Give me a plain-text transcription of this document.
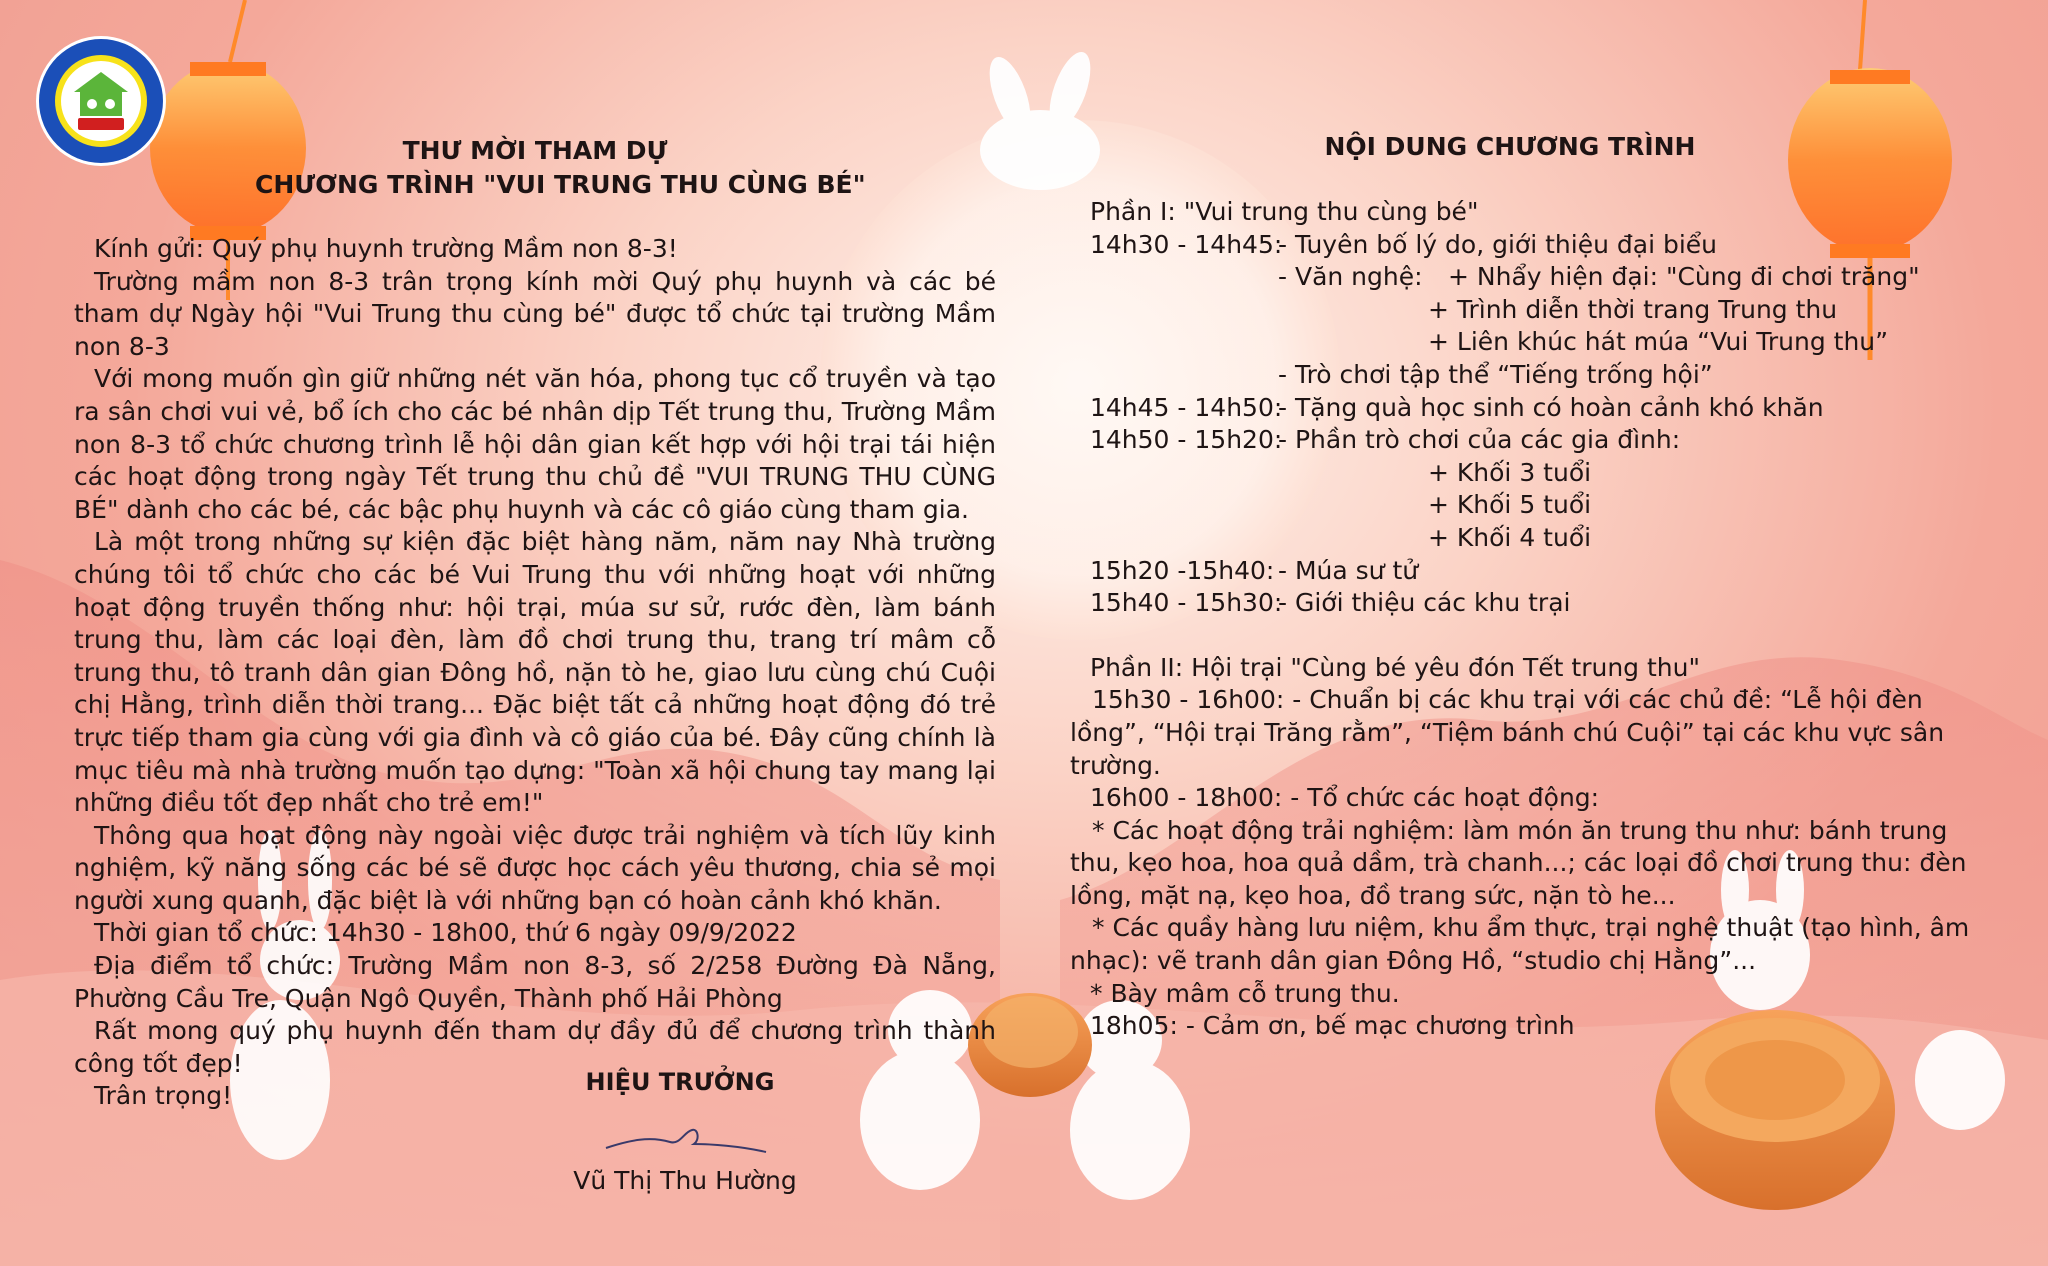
THƯ MỜI THAM DỰ
CHƯƠNG TRÌNH "VUI TRUNG THU CÙNG BÉ"

Kính gửi: Quý phụ huynh trường Mầm non 8-3!

Trường mầm non 8-3 trân trọng kính mời Quý phụ huynh và các bé tham dự Ngày hội "Vui Trung thu cùng bé" được tổ chức tại trường Mầm non 8-3

Với mong muốn gìn giữ những nét văn hóa, phong tục cổ truyền và tạo ra sân chơi vui vẻ, bổ ích cho các bé nhân dịp Tết trung thu, Trường Mầm non 8-3 tổ chức chương trình lễ hội dân gian kết hợp với hội trại tái hiện các hoạt động trong ngày Tết trung thu chủ đề "VUI TRUNG THU CÙNG BÉ" dành cho các bé, các bậc phụ huynh và các cô giáo cùng tham gia.

Là một trong những sự kiện đặc biệt hàng năm, năm nay Nhà trường chúng tôi tổ chức cho các bé Vui Trung thu với những hoạt với những hoạt động truyền thống như: hội trại, múa sư sử, rước đèn, làm bánh trung thu, làm các loại đèn, làm đồ chơi trung thu, trang trí mâm cỗ trung thu, tô tranh dân gian Đông hồ, nặn tò he, giao lưu cùng chú Cuội chị Hằng, trình diễn thời trang... Đặc biệt tất cả những hoạt động đó trẻ trực tiếp tham gia cùng với gia đình và cô giáo của bé. Đây cũng chính là mục tiêu mà nhà trường muốn tạo dựng: "Toàn xã hội chung tay mang lại những điều tốt đẹp nhất cho trẻ em!"

Thông qua hoạt động này ngoài việc được trải nghiệm và tích lũy kinh nghiệm, kỹ năng sống các bé sẽ được học cách yêu thương, chia sẻ mọi người xung quanh, đặc biệt là với những bạn có hoàn cảnh khó khăn.

Thời gian tổ chức: 14h30 - 18h00, thứ 6 ngày 09/9/2022

Địa điểm tổ chức: Trường Mầm non 8-3, số 2/258 Đường Đà Nẵng, Phường Cầu Tre, Quận Ngô Quyền, Thành phố Hải Phòng

Rất mong quý phụ huynh đến tham dự đầy đủ để chương trình thành công tốt đẹp!

Trân trọng!	HIỆU TRƯỞNG
Vũ Thị Thu Hường
NỘI DUNG CHƯƠNG TRÌNH
Phần I: "Vui trung thu cùng bé"
14h30 - 14h45:- Tuyên bố lý do, giới thiệu đại biểu
- Văn nghệ: + Nhẩy hiện đại: "Cùng đi chơi trăng"
+ Trình diễn thời trang Trung thu
+ Liên khúc hát múa “Vui Trung thu”
- Trò chơi tập thể “Tiếng trống hội”
14h45 - 14h50:- Tặng quà học sinh có hoàn cảnh khó khăn
14h50 - 15h20:- Phần trò chơi của các gia đình:
+ Khối 3 tuổi
+ Khối 5 tuổi
+ Khối 4 tuổi
15h20 -15h40: - Múa sư tử
15h40 - 15h30:- Giới thiệu các khu trại
Phần II: Hội trại "Cùng bé yêu đón Tết trung thu"
15h30 - 16h00: - Chuẩn bị các khu trại với các chủ đề: “Lễ hội đèn lồng”, “Hội trại Trăng rằm”, “Tiệm bánh chú Cuội” tại các khu vực sân trường.
16h00 - 18h00: - Tổ chức các hoạt động:
* Các hoạt động trải nghiệm: làm món ăn trung thu như: bánh trung thu, kẹo hoa, hoa quả dầm, trà chanh...; các loại đồ chơi trung thu: đèn lồng, mặt nạ, kẹo hoa, đồ trang sức, nặn tò he...
* Các quầy hàng lưu niệm, khu ẩm thực, trại nghệ thuật (tạo hình, âm nhạc): vẽ tranh dân gian Đông Hồ, “studio chị Hằng”...
* Bày mâm cỗ trung thu.
18h05: - Cảm ơn, bế mạc chương trình
